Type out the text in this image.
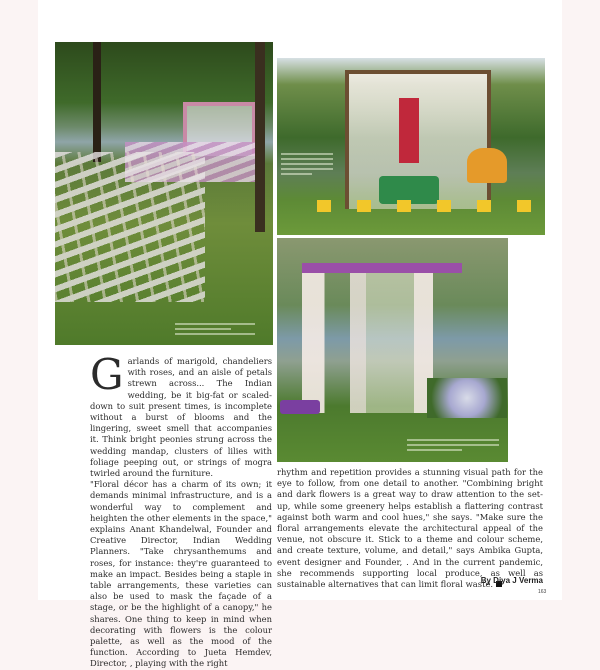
G arlands of marigold, chandeliers with roses, and an aisle of petals strewn across... The Indian wedding, be it big-fat or scaled-down to suit present times, is incomplete without a burst of blooms and the lingering, sweet smell that accompanies it. Think bright peonies strung across the wedding mandap, clusters of lilies with foliage peeping out, or strings of mogra twirled around the furniture.

"Floral décor has a charm of its own; it demands minimal infrastructure, and is a wonderful way to complement and heighten the other elements in the space," explains Anant Khandelwal, Founder and Creative Director, Indian Wedding Planners. "Take chrysanthemums and roses, for instance: they're guaranteed to make an impact. Besides being a staple in table arrangements, these varieties can also be used to mask the façade of a stage, or be the highlight of a canopy," he shares. One thing to keep in mind when decorating with flowers is the colour palette, as well as the mood of the function. According to Jueta Hemdev, Director, , playing with the right

rhythm and repetition provides a stunning visual path for the eye to follow, from one detail to another. "Combining bright and dark flowers is a great way to draw attention to the set-up, while some greenery helps establish a flattering contrast against both warm and cool hues," she says. "Make sure the floral arrangements elevate the architectural appeal of the venue, not obscure it. Stick to a theme and colour scheme, and create texture, volume, and detail," says Ambika Gupta, event designer and Founder, . And in the current pandemic, she recommends supporting local produce, as well as sustainable alternatives that can limit floral waste.

By Diya J Verma
163
